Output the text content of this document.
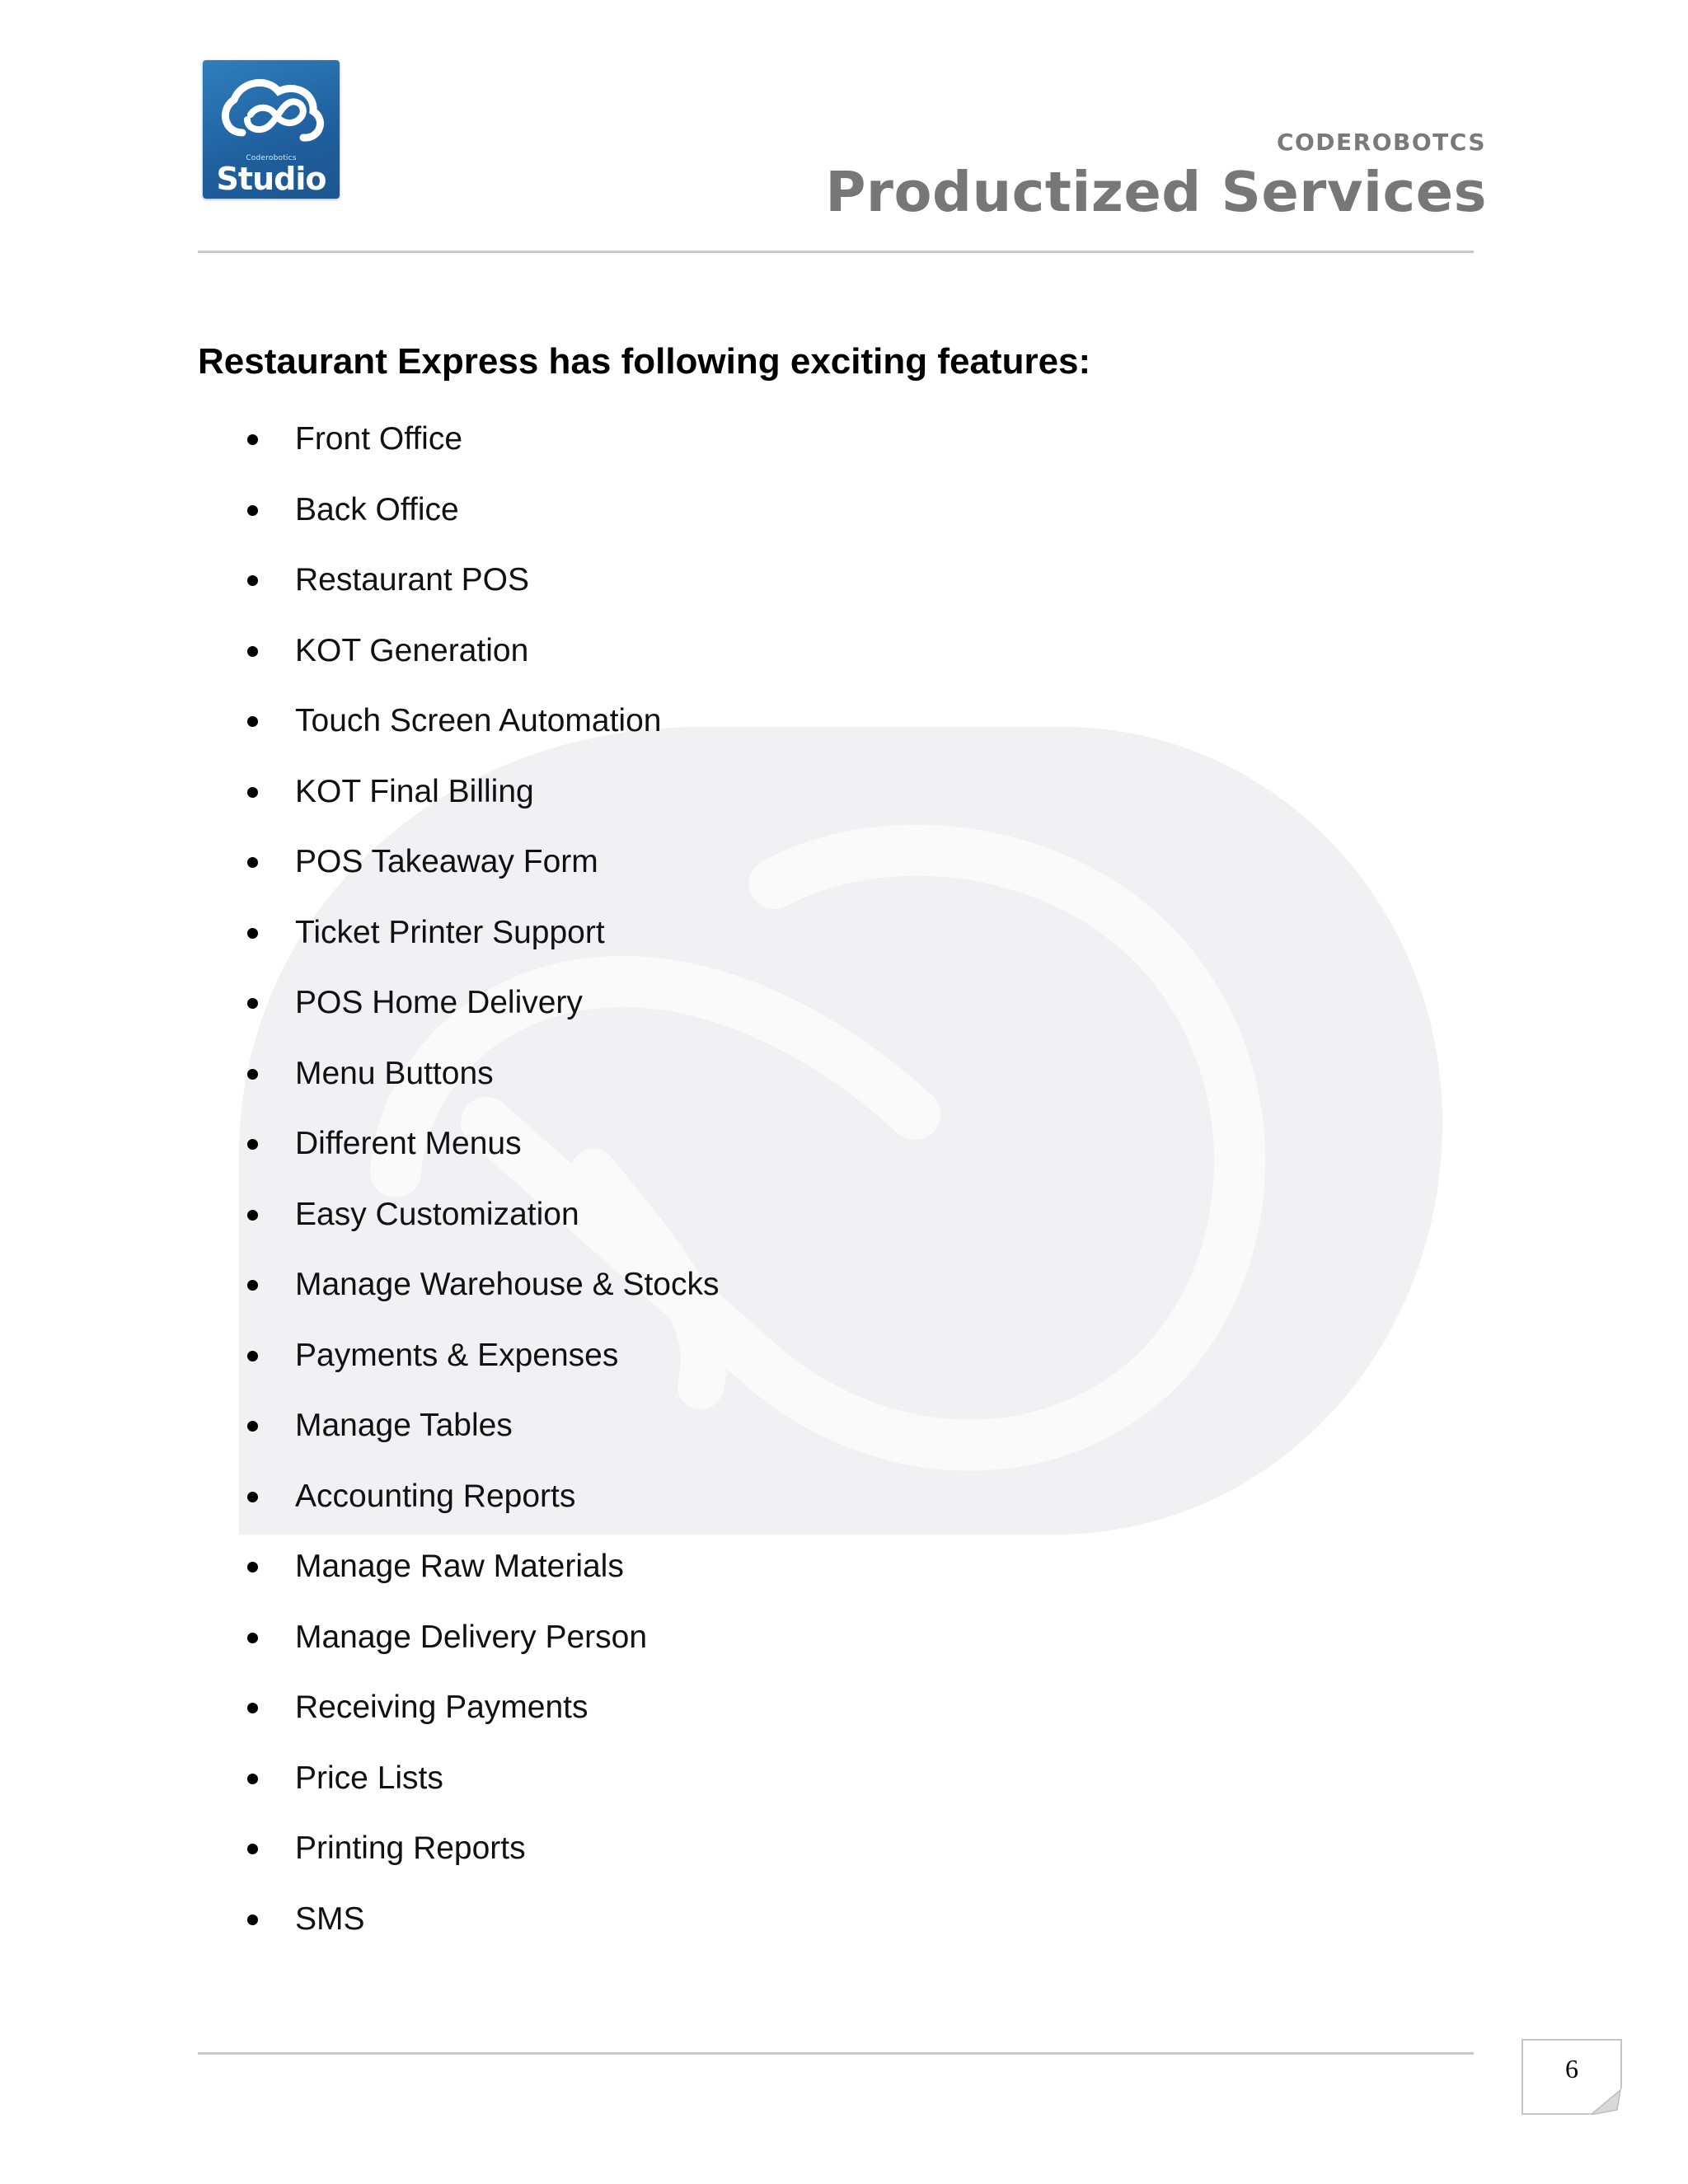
Coderobotics
Studio
CODEROBOTCS
Productized Services
Restaurant Express has following exciting features:
Front Office
Back Office
Restaurant POS
KOT Generation
Touch Screen Automation
KOT Final Billing
POS Takeaway Form
Ticket Printer Support
POS Home Delivery
Menu Buttons
Different Menus
Easy Customization
Manage Warehouse & Stocks
Payments & Expenses
Manage Tables
Accounting Reports
Manage Raw Materials
Manage Delivery Person
Receiving Payments
Price Lists
Printing Reports
SMS
6
